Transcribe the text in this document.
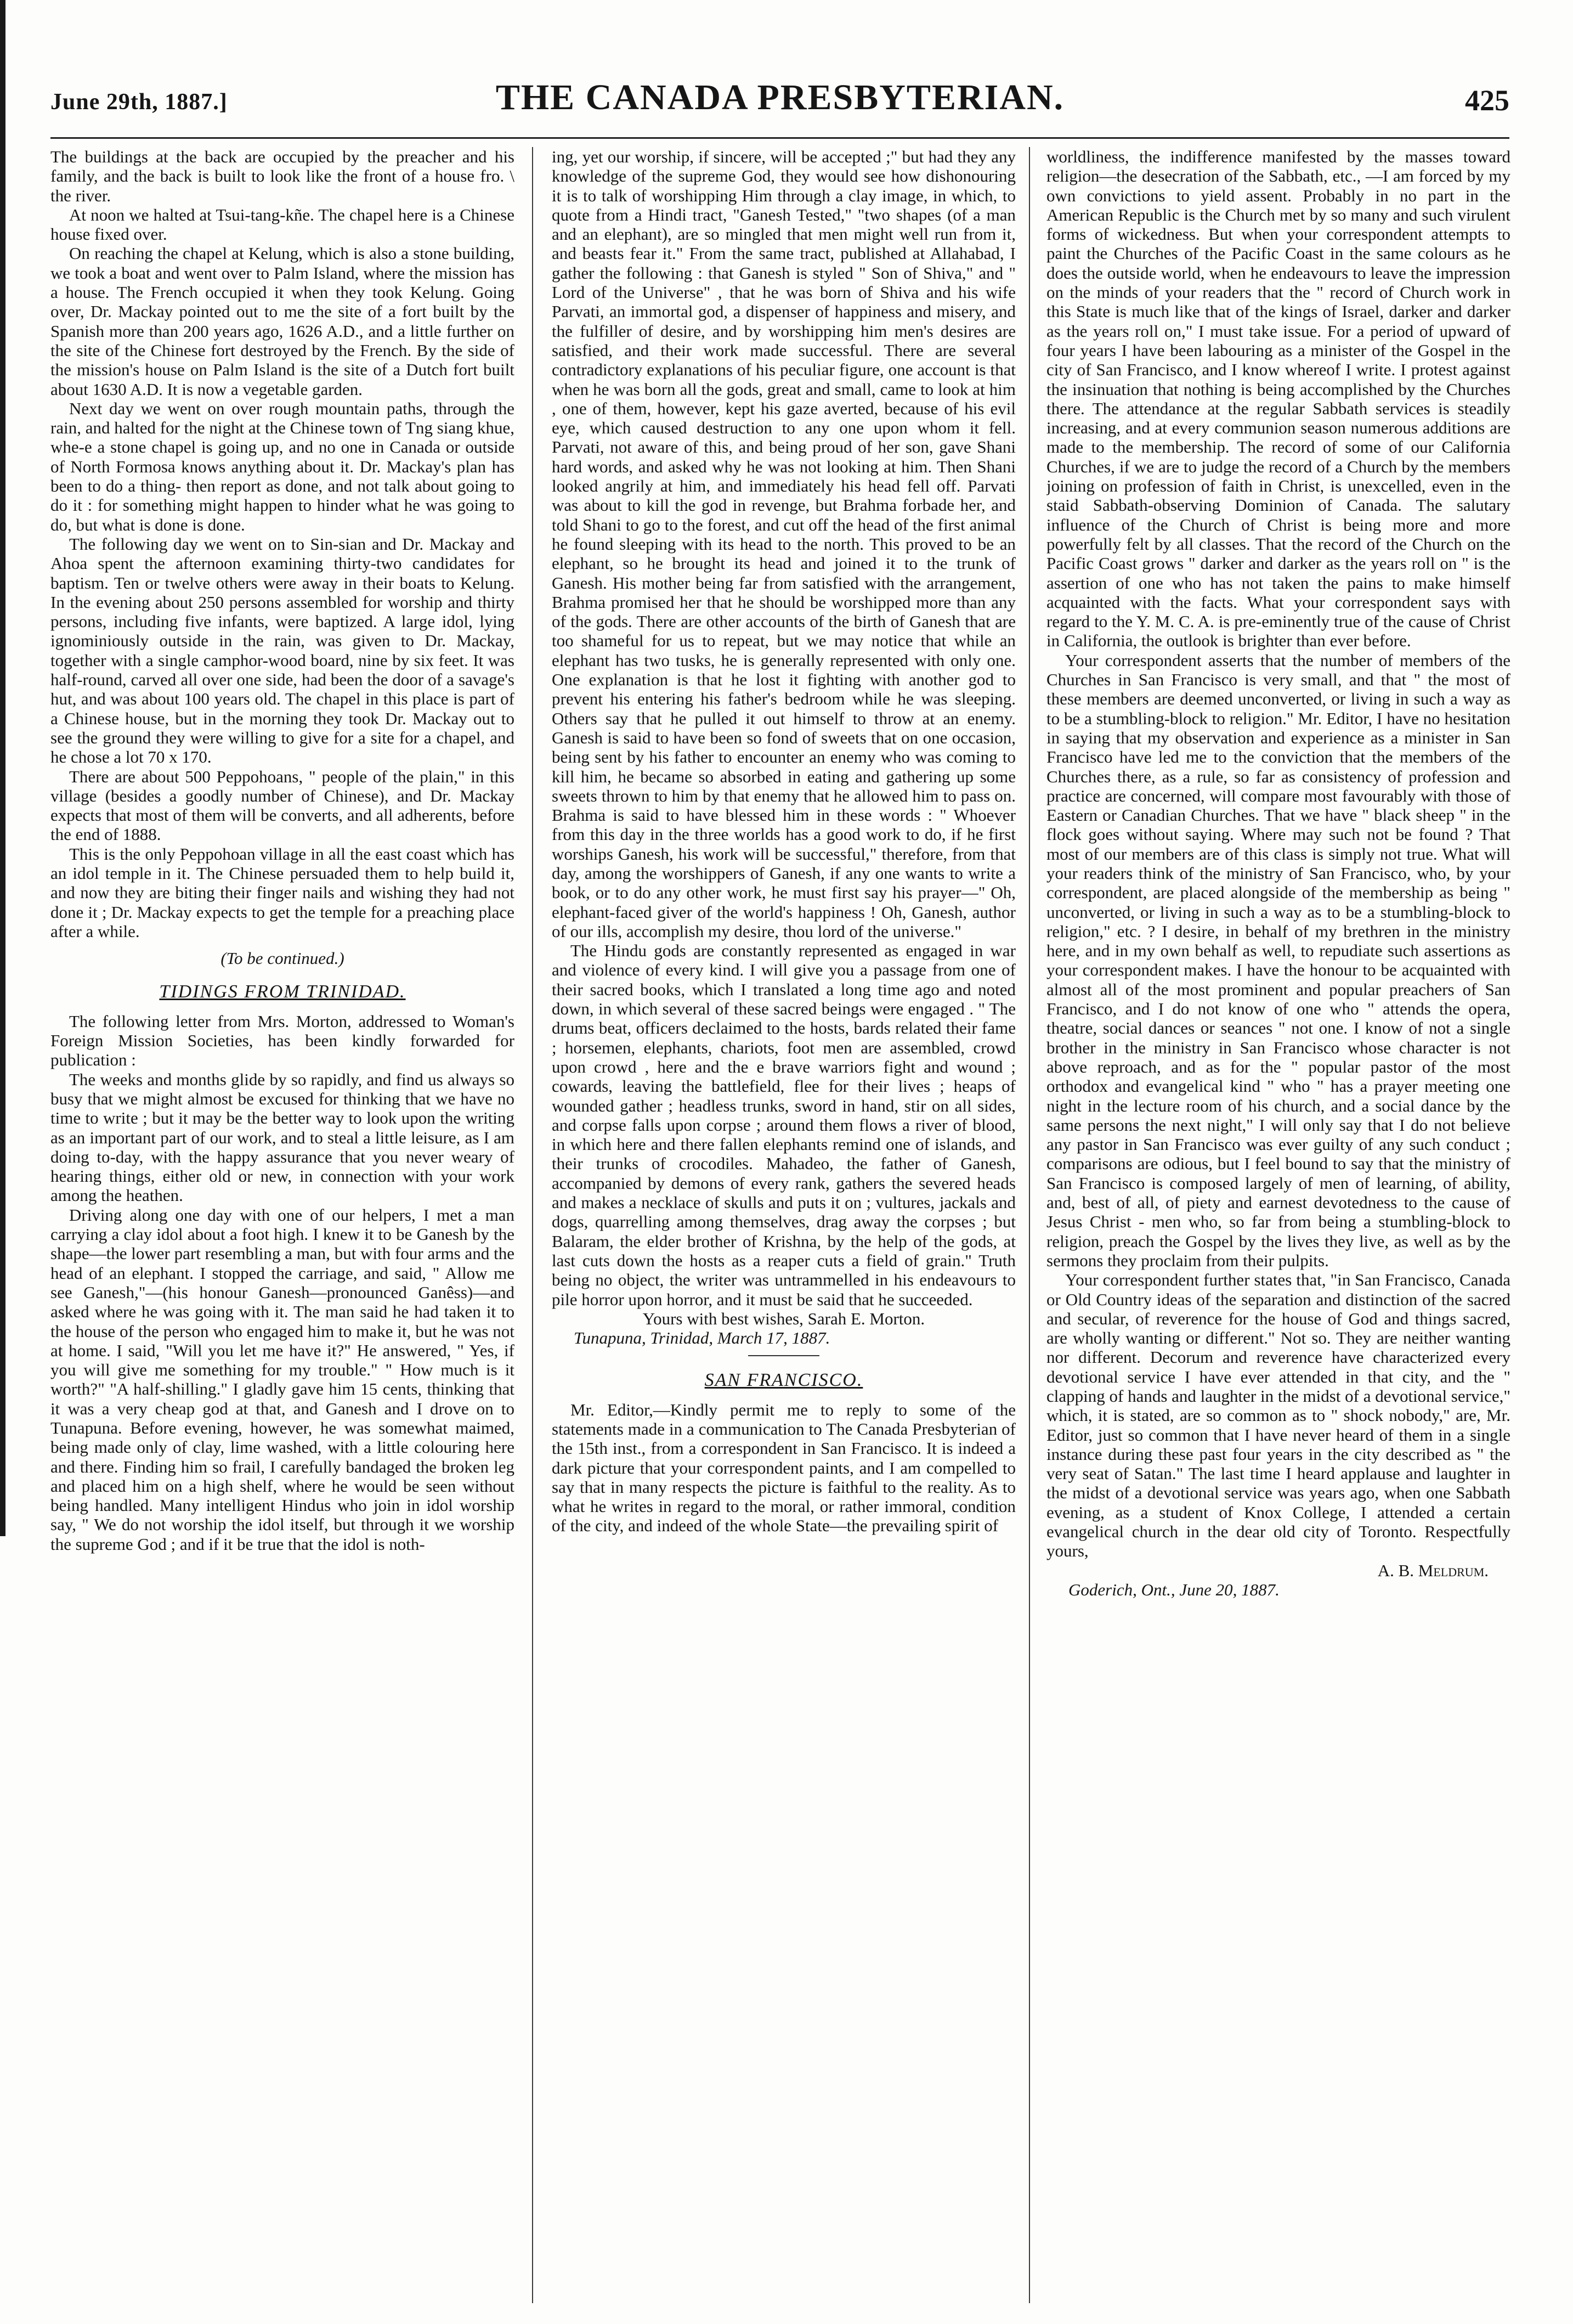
June 29th, 1887.]	THE CANADA PRESBYTERIAN.	425

The buildings at the back are occupied by the preacher and his family, and the back is built to look like the front of a house fro. \ the river.

At noon we halted at Tsui-tang-kñe. The chapel here is a Chinese house fixed over.

On reaching the chapel at Kelung, which is also a stone building, we took a boat and went over to Palm Island, where the mission has a house. The French occupied it when they took Kelung. Going over, Dr. Mackay pointed out to me the site of a fort built by the Spanish more than 200 years ago, 1626 A.D., and a little further on the site of the Chinese fort destroyed by the French. By the side of the mission's house on Palm Island is the site of a Dutch fort built about 1630 A.D. It is now a vegetable garden.

Next day we went on over rough mountain paths, through the rain, and halted for the night at the Chinese town of Tng siang khue, whe-e a stone chapel is going up, and no one in Canada or outside of North Formosa knows anything about it. Dr. Mackay's plan has been to do a thing- then report as done, and not talk about going to do it : for something might happen to hinder what he was going to do, but what is done is done.

The following day we went on to Sin-sian and Dr. Mackay and Ahoa spent the afternoon examining thirty-two candidates for baptism. Ten or twelve others were away in their boats to Kelung. In the evening about 250 persons assembled for worship and thirty persons, including five infants, were baptized. A large idol, lying ignominiously outside in the rain, was given to Dr. Mackay, together with a single camphor-wood board, nine by six feet. It was half-round, carved all over one side, had been the door of a savage's hut, and was about 100 years old. The chapel in this place is part of a Chinese house, but in the morning they took Dr. Mackay out to see the ground they were willing to give for a site for a chapel, and he chose a lot 70 x 170.

There are about 500 Peppohoans, " people of the plain," in this village (besides a goodly number of Chinese), and Dr. Mackay expects that most of them will be converts, and all adherents, before the end of 1888.

This is the only Peppohoan village in all the east coast which has an idol temple in it. The Chinese persuaded them to help build it, and now they are biting their finger nails and wishing they had not done it ; Dr. Mackay expects to get the temple for a preaching place after a while.

(To be continued.)

TIDINGS FROM TRINIDAD.

The following letter from Mrs. Morton, addressed to Woman's Foreign Mission Societies, has been kindly forwarded for publication :

The weeks and months glide by so rapidly, and find us always so busy that we might almost be excused for thinking that we have no time to write ; but it may be the better way to look upon the writing as an important part of our work, and to steal a little leisure, as I am doing to-day, with the happy assurance that you never weary of hearing things, either old or new, in connection with your work among the heathen.

Driving along one day with one of our helpers, I met a man carrying a clay idol about a foot high. I knew it to be Ganesh by the shape—the lower part resembling a man, but with four arms and the head of an elephant. I stopped the carriage, and said, " Allow me see Ganesh,"—(his honour Ganesh—pronounced Ganêss)—and asked where he was going with it. The man said he had taken it to the house of the person who engaged him to make it, but he was not at home. I said, "Will you let me have it?" He answered, " Yes, if you will give me something for my trouble." " How much is it worth?" "A half-shilling." I gladly gave him 15 cents, thinking that it was a very cheap god at that, and Ganesh and I drove on to Tunapuna. Before evening, however, he was somewhat maimed, being made only of clay, lime washed, with a little colouring here and there. Finding him so frail, I carefully bandaged the broken leg and placed him on a high shelf, where he would be seen without being handled. Many intelligent Hindus who join in idol worship say, " We do not worship the idol itself, but through it we worship the supreme God ; and if it be true that the idol is noth-

ing, yet our worship, if sincere, will be accepted ;" but had they any knowledge of the supreme God, they would see how dishonouring it is to talk of worshipping Him through a clay image, in which, to quote from a Hindi tract, "Ganesh Tested," "two shapes (of a man and an elephant), are so mingled that men might well run from it, and beasts fear it." From the same tract, published at Allahabad, I gather the following : that Ganesh is styled " Son of Shiva," and " Lord of the Universe" , that he was born of Shiva and his wife Parvati, an immortal god, a dispenser of happiness and misery, and the fulfiller of desire, and by worshipping him men's desires are satisfied, and their work made successful. There are several contradictory explanations of his peculiar figure, one account is that when he was born all the gods, great and small, came to look at him , one of them, however, kept his gaze averted, because of his evil eye, which caused destruction to any one upon whom it fell. Parvati, not aware of this, and being proud of her son, gave Shani hard words, and asked why he was not looking at him. Then Shani looked angrily at him, and immediately his head fell off. Parvati was about to kill the god in revenge, but Brahma forbade her, and told Shani to go to the forest, and cut off the head of the first animal he found sleeping with its head to the north. This proved to be an elephant, so he brought its head and joined it to the trunk of Ganesh. His mother being far from satisfied with the arrangement, Brahma promised her that he should be worshipped more than any of the gods. There are other accounts of the birth of Ganesh that are too shameful for us to repeat, but we may notice that while an elephant has two tusks, he is generally represented with only one. One explanation is that he lost it fighting with another god to prevent his entering his father's bedroom while he was sleeping. Others say that he pulled it out himself to throw at an enemy. Ganesh is said to have been so fond of sweets that on one occasion, being sent by his father to encounter an enemy who was coming to kill him, he became so absorbed in eating and gathering up some sweets thrown to him by that enemy that he allowed him to pass on. Brahma is said to have blessed him in these words : " Whoever from this day in the three worlds has a good work to do, if he first worships Ganesh, his work will be successful," therefore, from that day, among the worshippers of Ganesh, if any one wants to write a book, or to do any other work, he must first say his prayer—" Oh, elephant-faced giver of the world's happiness ! Oh, Ganesh, author of our ills, accomplish my desire, thou lord of the universe."

The Hindu gods are constantly represented as engaged in war and violence of every kind. I will give you a passage from one of their sacred books, which I translated a long time ago and noted down, in which several of these sacred beings were engaged . " The drums beat, officers declaimed to the hosts, bards related their fame ; horsemen, elephants, chariots, foot men are assembled, crowd upon crowd , here and the e brave warriors fight and wound ; cowards, leaving the battlefield, flee for their lives ; heaps of wounded gather ; headless trunks, sword in hand, stir on all sides, and corpse falls upon corpse ; around them flows a river of blood, in which here and there fallen elephants remind one of islands, and their trunks of crocodiles. Mahadeo, the father of Ganesh, accompanied by demons of every rank, gathers the severed heads and makes a necklace of skulls and puts it on ; vultures, jackals and dogs, quarrelling among themselves, drag away the corpses ; but Balaram, the elder brother of Krishna, by the help of the gods, at last cuts down the hosts as a reaper cuts a field of grain." Truth being no object, the writer was untrammelled in his endeavours to pile horror upon horror, and it must be said that he succeeded.

Yours with best wishes, Sarah E. Morton.

Tunapuna, Trinidad, March 17, 1887.

SAN FRANCISCO.

Mr. Editor,—Kindly permit me to reply to some of the statements made in a communication to The Canada Presbyterian of the 15th inst., from a correspondent in San Francisco. It is indeed a dark picture that your correspondent paints, and I am compelled to say that in many respects the picture is faithful to the reality. As to what he writes in regard to the moral, or rather immoral, condition of the city, and indeed of the whole State—the prevailing spirit of

worldliness, the indifference manifested by the masses toward religion—the desecration of the Sabbath, etc., —I am forced by my own convictions to yield assent. Probably in no part in the American Republic is the Church met by so many and such virulent forms of wickedness. But when your correspondent attempts to paint the Churches of the Pacific Coast in the same colours as he does the outside world, when he endeavours to leave the impression on the minds of your readers that the " record of Church work in this State is much like that of the kings of Israel, darker and darker as the years roll on," I must take issue. For a period of upward of four years I have been labouring as a minister of the Gospel in the city of San Francisco, and I know whereof I write. I protest against the insinuation that nothing is being accomplished by the Churches there. The attendance at the regular Sabbath services is steadily increasing, and at every communion season numerous additions are made to the membership. The record of some of our California Churches, if we are to judge the record of a Church by the members joining on profession of faith in Christ, is unexcelled, even in the staid Sabbath-observing Dominion of Canada. The salutary influence of the Church of Christ is being more and more powerfully felt by all classes. That the record of the Church on the Pacific Coast grows " darker and darker as the years roll on " is the assertion of one who has not taken the pains to make himself acquainted with the facts. What your correspondent says with regard to the Y. M. C. A. is pre-eminently true of the cause of Christ in California, the outlook is brighter than ever before.

Your correspondent asserts that the number of members of the Churches in San Francisco is very small, and that " the most of these members are deemed unconverted, or living in such a way as to be a stumbling-block to religion." Mr. Editor, I have no hesitation in saying that my observation and experience as a minister in San Francisco have led me to the conviction that the members of the Churches there, as a rule, so far as consistency of profession and practice are concerned, will compare most favourably with those of Eastern or Canadian Churches. That we have " black sheep " in the flock goes without saying. Where may such not be found ? That most of our members are of this class is simply not true. What will your readers think of the ministry of San Francisco, who, by your correspondent, are placed alongside of the membership as being " unconverted, or living in such a way as to be a stumbling-block to religion," etc. ? I desire, in behalf of my brethren in the ministry here, and in my own behalf as well, to repudiate such assertions as your correspondent makes. I have the honour to be acquainted with almost all of the most prominent and popular preachers of San Francisco, and I do not know of one who " attends the opera, theatre, social dances or seances " not one. I know of not a single brother in the ministry in San Francisco whose character is not above reproach, and as for the " popular pastor of the most orthodox and evangelical kind " who " has a prayer meeting one night in the lecture room of his church, and a social dance by the same persons the next night," I will only say that I do not believe any pastor in San Francisco was ever guilty of any such conduct ; comparisons are odious, but I feel bound to say that the ministry of San Francisco is composed largely of men of learning, of ability, and, best of all, of piety and earnest devotedness to the cause of Jesus Christ - men who, so far from being a stumbling-block to religion, preach the Gospel by the lives they live, as well as by the sermons they proclaim from their pulpits.

Your correspondent further states that, "in San Francisco, Canada or Old Country ideas of the separation and distinction of the sacred and secular, of reverence for the house of God and things sacred, are wholly wanting or different." Not so. They are neither wanting nor different. Decorum and reverence have characterized every devotional service I have ever attended in that city, and the " clapping of hands and laughter in the midst of a devotional service," which, it is stated, are so common as to " shock nobody," are, Mr. Editor, just so common that I have never heard of them in a single instance during these past four years in the city described as " the very seat of Satan." The last time I heard applause and laughter in the midst of a devotional service was years ago, when one Sabbath evening, as a student of Knox College, I attended a certain evangelical church in the dear old city of Toronto. Respectfully yours,

A. B. Meldrum.

Goderich, Ont., June 20, 1887.
